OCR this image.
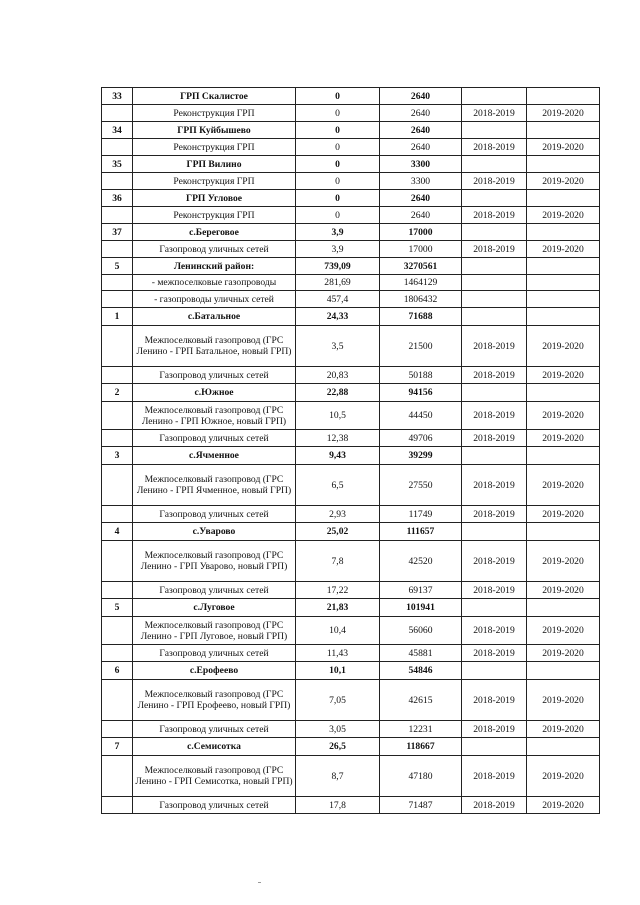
33	ГРП Скалистое	0	2640		
	Реконструкция ГРП	0	2640	2018-2019	2019-2020
34	ГРП Куйбышево	0	2640		
	Реконструкция ГРП	0	2640	2018-2019	2019-2020
35	ГРП Вилино	0	3300		
	Реконструкция ГРП	0	3300	2018-2019	2019-2020
36	ГРП Угловое	0	2640		
	Реконструкция ГРП	0	2640	2018-2019	2019-2020
37	с.Береговое	3,9	17000		
	Газопровод уличных сетей	3,9	17000	2018-2019	2019-2020
5	Ленинский район:	739,09	3270561		
	- межпоселковые газопроводы	281,69	1464129		
	- газопроводы уличных сетей	457,4	1806432		
1	с.Батальное	24,33	71688		
	Межпоселковый газопровод (ГРС Ленино - ГРП Батальное, новый ГРП)	3,5	21500	2018-2019	2019-2020
	Газопровод уличных сетей	20,83	50188	2018-2019	2019-2020
2	с.Южное	22,88	94156		
	Межпоселковый газопровод (ГРС Ленино - ГРП Южное, новый ГРП)	10,5	44450	2018-2019	2019-2020
	Газопровод уличных сетей	12,38	49706	2018-2019	2019-2020
3	с.Ячменное	9,43	39299		
	Межпоселковый газопровод (ГРС Ленино - ГРП Ячменное, новый ГРП)	6,5	27550	2018-2019	2019-2020
	Газопровод уличных сетей	2,93	11749	2018-2019	2019-2020
4	с.Уварово	25,02	111657		
	Межпоселковый газопровод (ГРС Ленино - ГРП Уварово, новый ГРП)	7,8	42520	2018-2019	2019-2020
	Газопровод уличных сетей	17,22	69137	2018-2019	2019-2020
5	с.Луговое	21,83	101941		
	Межпоселковый газопровод (ГРС Ленино - ГРП Луговое, новый ГРП)	10,4	56060	2018-2019	2019-2020
	Газопровод уличных сетей	11,43	45881	2018-2019	2019-2020
6	с.Ерофеево	10,1	54846		
	Межпоселковый газопровод (ГРС Ленино - ГРП Ерофеево, новый ГРП)	7,05	42615	2018-2019	2019-2020
	Газопровод уличных сетей	3,05	12231	2018-2019	2019-2020
7	с.Семисотка	26,5	118667		
	Межпоселковый газопровод (ГРС Ленино - ГРП Семисотка, новый ГРП)	8,7	47180	2018-2019	2019-2020
	Газопровод уличных сетей	17,8	71487	2018-2019	2019-2020
